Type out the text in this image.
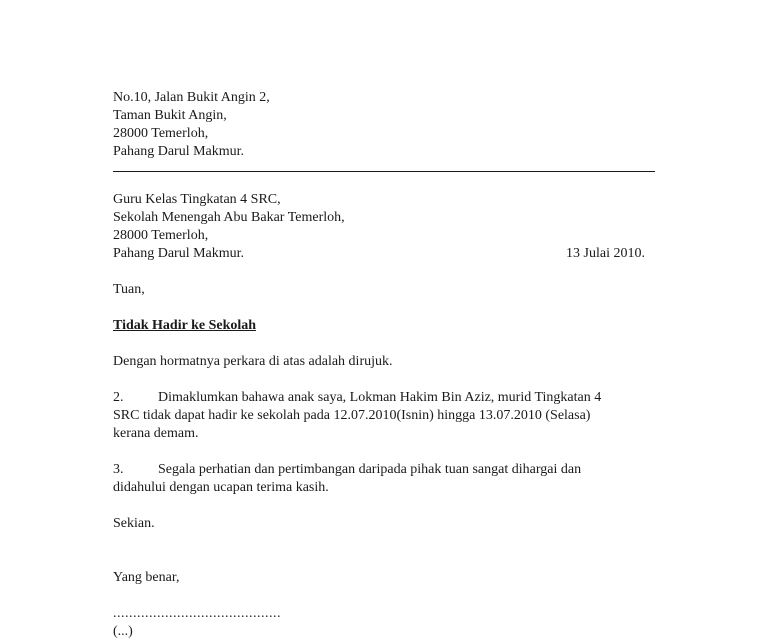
No.10, Jalan Bukit Angin 2,
Taman Bukit Angin,
28000 Temerloh,
Pahang Darul Makmur.
Guru Kelas Tingkatan 4 SRC,
Sekolah Menengah Abu Bakar Temerloh,
28000 Temerloh,
Pahang Darul Makmur.	13 Julai 2010.
Tuan,
Tidak Hadir ke Sekolah
Dengan hormatnya perkara di atas adalah dirujuk.
2. Dimaklumkan bahawa anak saya, Lokman Hakim Bin Aziz, murid Tingkatan 4
SRC tidak dapat hadir ke sekolah pada 12.07.2010(Isnin) hingga 13.07.2010 (Selasa)
kerana demam.
3. Segala perhatian dan pertimbangan daripada pihak tuan sangat dihargai dan
didahului dengan ucapan terima kasih.
Sekian.
Yang benar,
..........................................
(...)
